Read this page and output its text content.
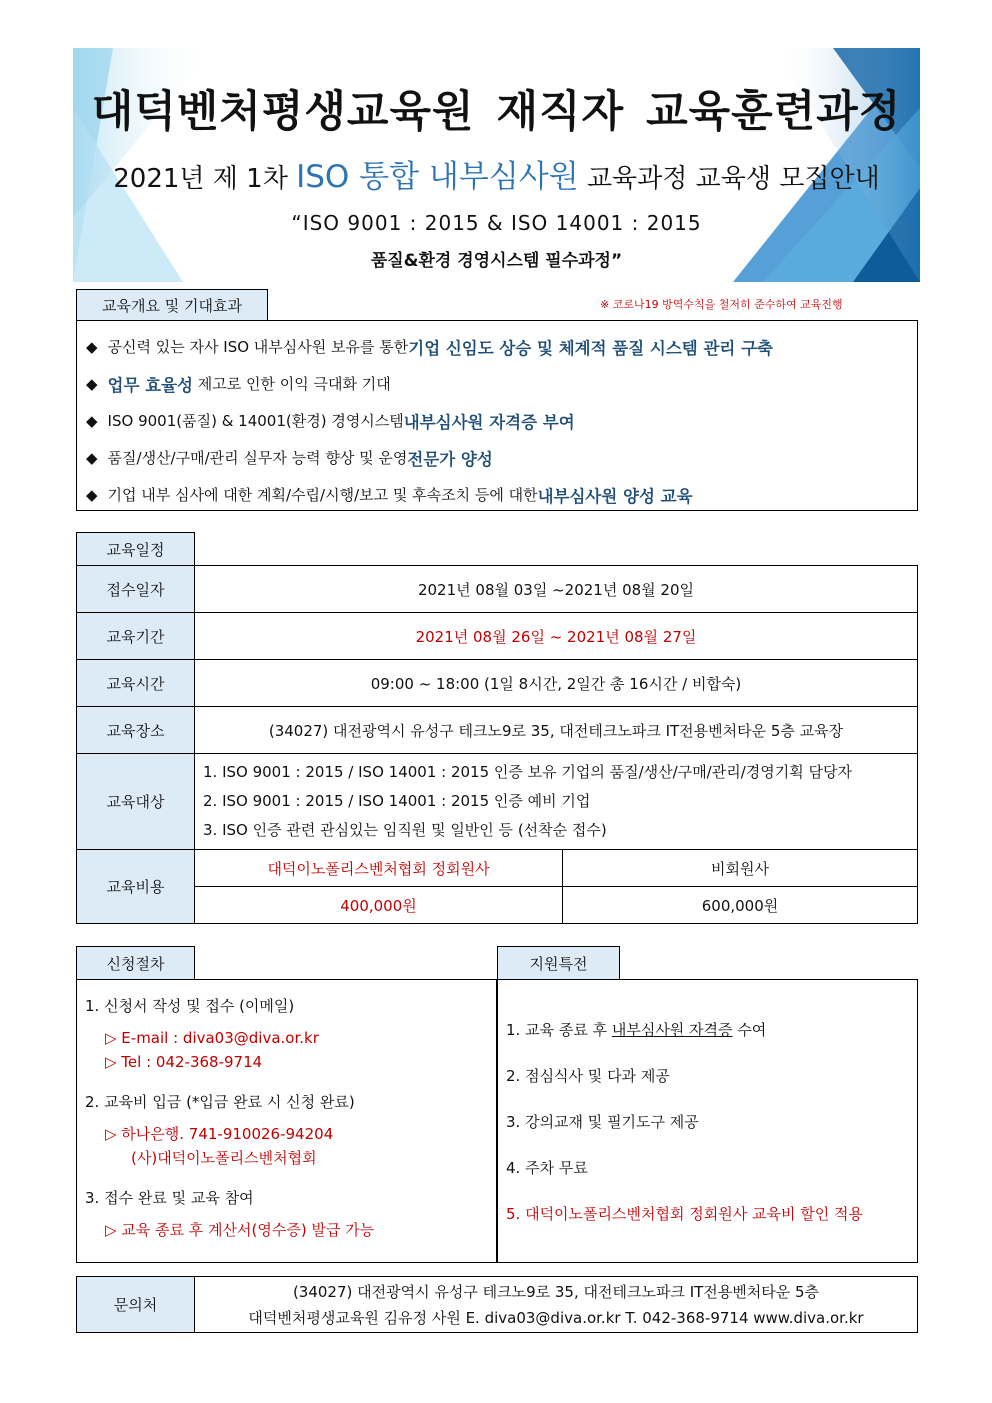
대덕벤처평생교육원 재직자 교육훈련과정
2021년 제 1차 ISO 통합 내부심사원 교육과정 교육생 모집안내
“ISO 9001 : 2015 & ISO 14001 : 2015
품질&환경 경영시스템 필수과정”
교육개요 및 기대효과	※ 코로나19 방역수칙을 철저히 준수하여 교육진행
◆ 공신력 있는 자사 ISO 내부심사원 보유를 통한 기업 신임도 상승 및 체계적 품질 시스템 관리 구축
◆ 업무 효율성 제고로 인한 이익 극대화 기대
◆ ISO 9001(품질) & 14001(환경) 경영시스템 내부심사원 자격증 부여
◆ 품질/생산/구매/관리 실무자 능력 향상 및 운영 전문가 양성
◆ 기업 내부 심사에 대한 계획/수립/시행/보고 및 후속조치 등에 대한 내부심사원 양성 교육
교육일정
접수일자	2021년 08월 03일 ~2021년 08월 20일	
교육기간	2021년 08월 26일 ~ 2021년 08월 27일	
교육시간	09:00 ~ 18:00 (1일 8시간, 2일간 총 16시간 / 비합숙)	
교육장소	(34027) 대전광역시 유성구 테크노9로 35, 대전테크노파크 IT전용벤처타운 5층 교육장	
교육대상	1. ISO 9001 : 2015 / ISO 14001 : 2015 인증 보유 기업의 품질/생산/구매/관리/경영기획 담당자
2. ISO 9001 : 2015 / ISO 14001 : 2015 인증 예비 기업
3. ISO 인증 관련 관심있는 임직원 및 일반인 등 (선착순 접수)	

교육비용	대덕이노폴리스벤처협회 정회원사	비회원사
	400,000원	600,000원
신청절차
1. 신청서 작성 및 접수 (이메일)
▷ E-mail : diva03@diva.or.kr
▷ Tel : 042-368-9714
2. 교육비 입금 (*입금 완료 시 신청 완료)
▷ 하나은행. 741-910026-94204
(사)대덕이노폴리스벤처협회
3. 접수 완료 및 교육 참여
▷ 교육 종료 후 계산서(영수증) 발급 가능
지원특전
1. 교육 종료 후 내부심사원 자격증 수여
2. 점심식사 및 다과 제공
3. 강의교재 및 필기도구 제공
4. 주차 무료
5. 대덕이노폴리스벤처협회 정회원사 교육비 할인 적용
문의처
(34027) 대전광역시 유성구 테크노9로 35, 대전테크노파크 IT전용벤처타운 5층
대덕벤처평생교육원 김유정 사원 E. diva03@diva.or.kr T. 042-368-9714 www.diva.or.kr
